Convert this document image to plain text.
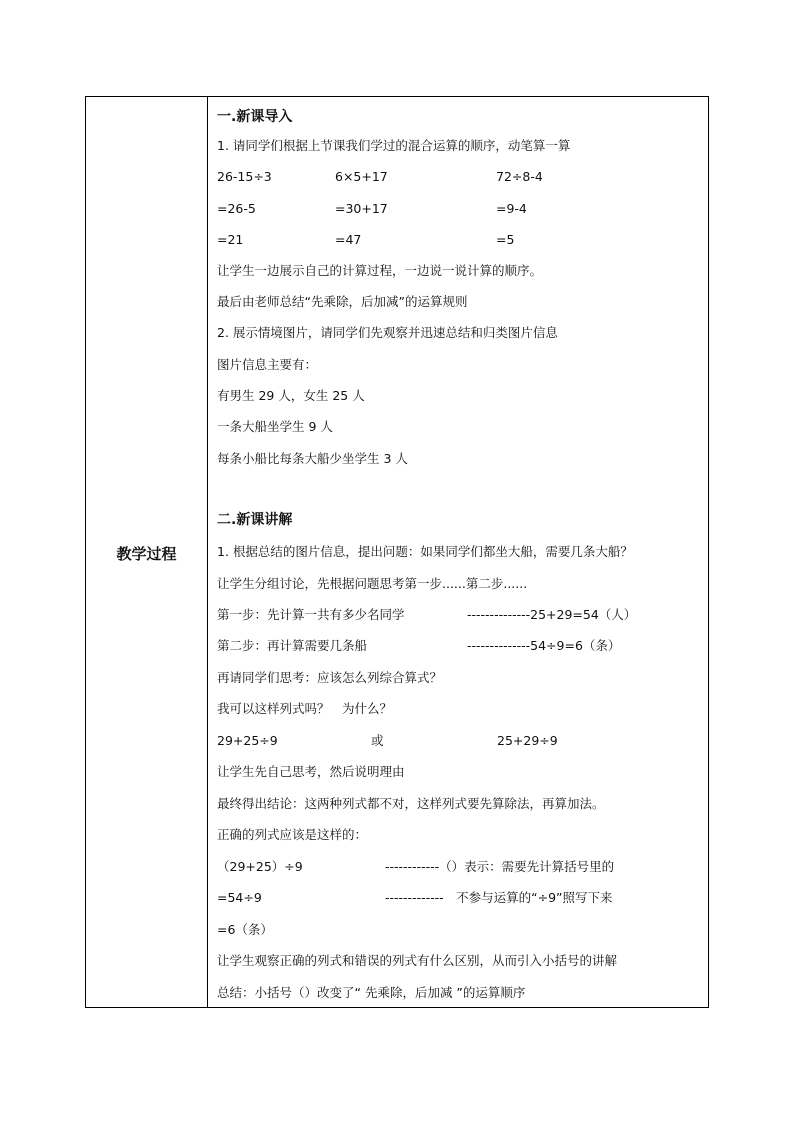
教学过程
一.新课导入
1. 请同学们根据上节课我们学过的混合运算的顺序，动笔算一算
26-15÷3	6×5+17	72÷8-4
=26-5	=30+17	=9-4
=21	=47	=5
让学生一边展示自己的计算过程，一边说一说计算的顺序。
最后由老师总结“先乘除，后加减”的运算规则
2. 展示情境图片，请同学们先观察并迅速总结和归类图片信息
图片信息主要有：
有男生 29 人，女生 25 人
一条大船坐学生 9 人
每条小船比每条大船少坐学生 3 人
二.新课讲解
1. 根据总结的图片信息，提出问题：如果同学们都坐大船，需要几条大船？
让学生分组讨论，先根据问题思考第一步......第二步......
第一步：先计算一共有多少名同学	--------------25+29=54（人）
第二步：再计算需要几条船	--------------54÷9=6（条）
再请同学们思考：应该怎么列综合算式？
我可以这样列式吗？　为什么？
29+25÷9	或	25+29÷9
让学生先自己思考，然后说明理由
最终得出结论：这两种列式都不对，这样列式要先算除法，再算加法。
正确的列式应该是这样的：
（29+25）÷9	------------（）表示：需要先计算括号里的
=54÷9	-------------　不参与运算的“÷9”照写下来
=6（条）
让学生观察正确的列式和错误的列式有什么区别，从而引入小括号的讲解
总结：小括号（）改变了“ 先乘除，后加减 ”的运算顺序
